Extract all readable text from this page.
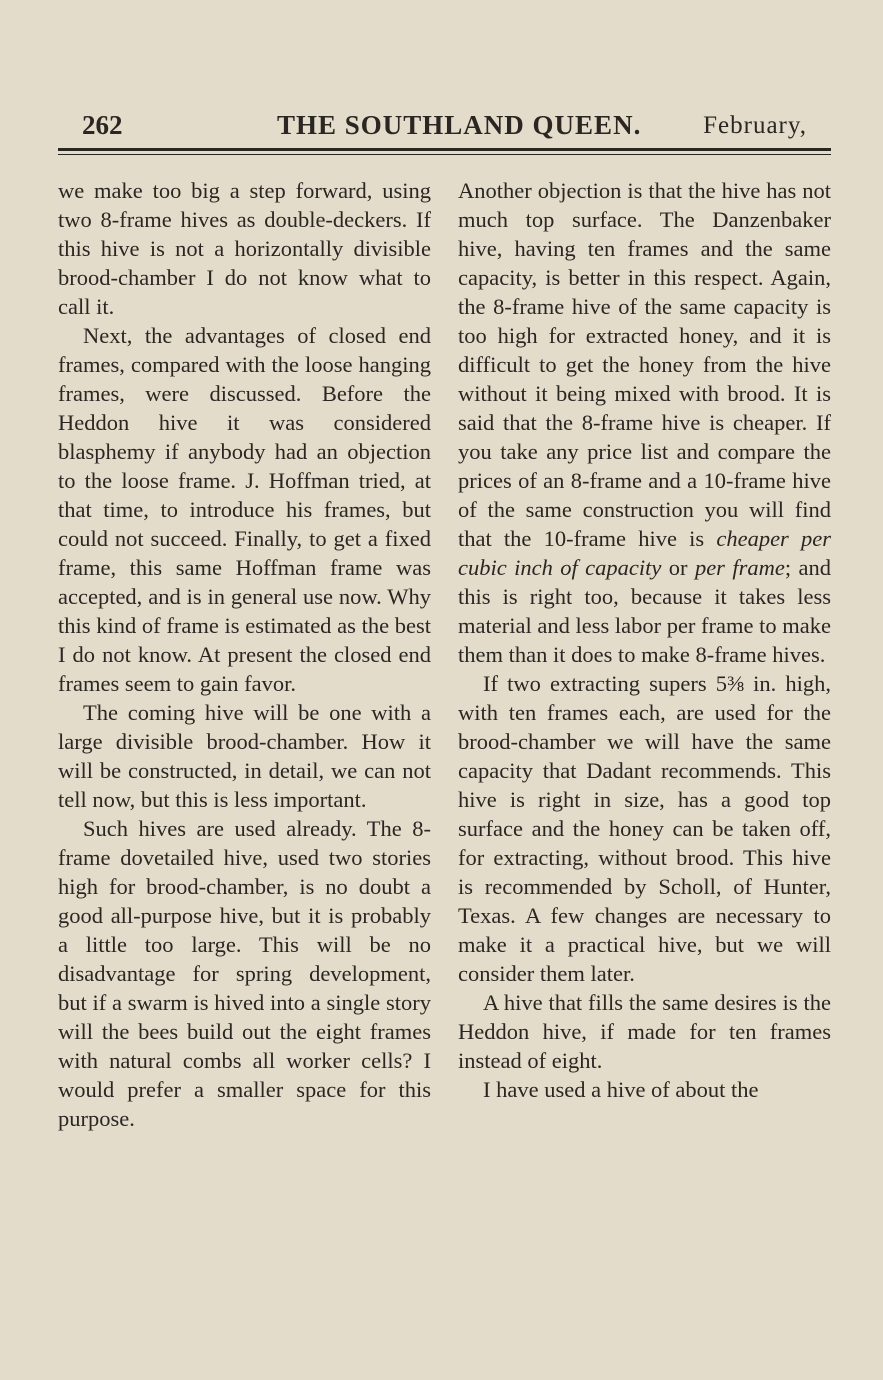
262	THE SOUTHLAND QUEEN. February,

we make too big a step forward, using two 8-frame hives as double-deckers. If this hive is not a horizontally divisible brood-chamber I do not know what to call it.

Next, the advantages of closed end frames, compared with the loose hanging frames, were discussed. Before the Heddon hive it was considered blasphemy if anybody had an objection to the loose frame. J. Hoffman tried, at that time, to introduce his frames, but could not succeed. Finally, to get a fixed frame, this same Hoffman frame was accepted, and is in general use now. Why this kind of frame is estimated as the best I do not know. At present the closed end frames seem to gain favor.

The coming hive will be one with a large divisible brood-chamber. How it will be constructed, in detail, we can not tell now, but this is less important.

Such hives are used already. The 8-frame dovetailed hive, used two stories high for brood-chamber, is no doubt a good all-purpose hive, but it is probably a little too large. This will be no disadvantage for spring development, but if a swarm is hived into a single story will the bees build out the eight frames with natural combs all worker cells? I would prefer a smaller space for this purpose.

Another objection is that the hive has not much top surface. The Danzenbaker hive, having ten frames and the same capacity, is better in this respect. Again, the 8-frame hive of the same capacity is too high for extracted honey, and it is difficult to get the honey from the hive without it being mixed with brood. It is said that the 8-frame hive is cheaper. If you take any price list and compare the prices of an 8-frame and a 10-frame hive of the same construction you will find that the 10-frame hive is cheaper per cubic inch of capacity or per frame; and this is right too, because it takes less material and less labor per frame to make them than it does to make 8-frame hives.

If two extracting supers 5⅜ in. high, with ten frames each, are used for the brood-chamber we will have the same capacity that Dadant recommends. This hive is right in size, has a good top surface and the honey can be taken off, for extracting, without brood. This hive is recommended by Scholl, of Hunter, Texas. A few changes are necessary to make it a practical hive, but we will consider them later.

A hive that fills the same desires is the Heddon hive, if made for ten frames instead of eight.

I have used a hive of about the
